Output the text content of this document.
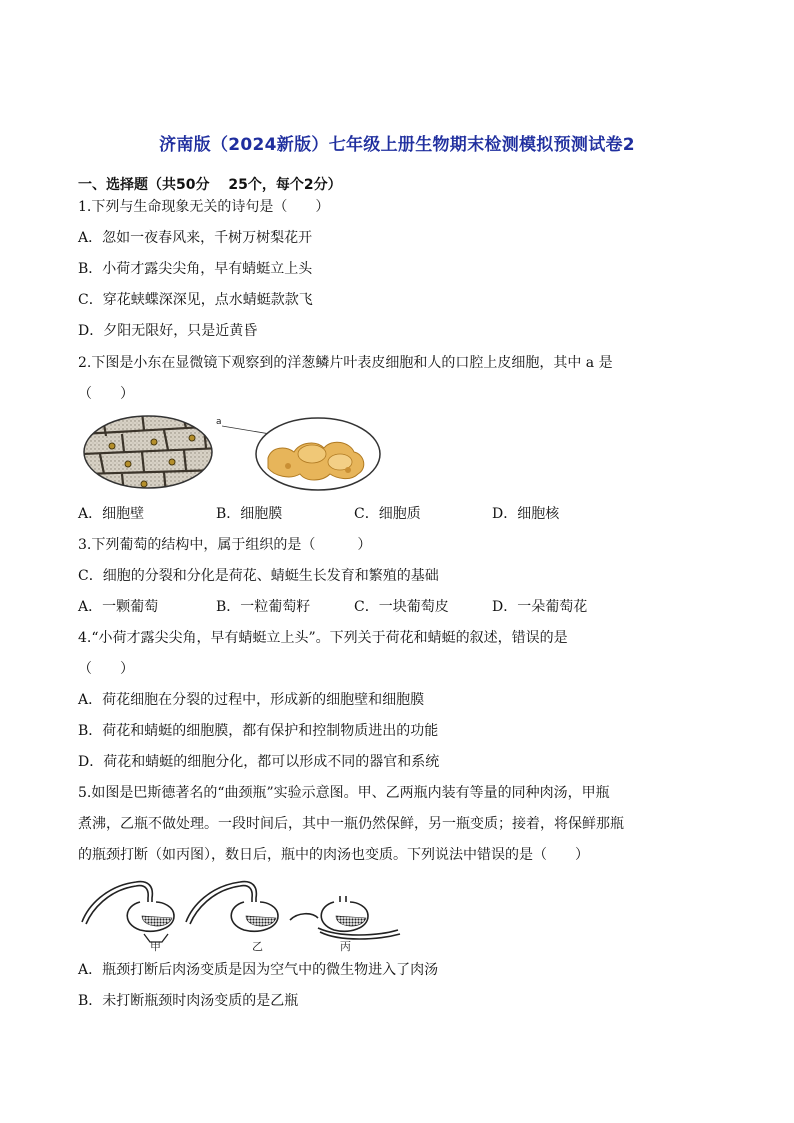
济南版（2024新版）七年级上册生物期末检测模拟预测试卷2
一、选择题（共50分　 25个，每个2分）
1.下列与生命现象无关的诗句是（　　）
A．忽如一夜春风来，千树万树梨花开
B．小荷才露尖尖角，早有蜻蜓立上头
C．穿花蛱蝶深深见，点水蜻蜓款款飞
D．夕阳无限好，只是近黄昏
2.下图是小东在显微镜下观察到的洋葱鳞片叶表皮细胞和人的口腔上皮细胞，其中 a 是
（　　）
a
A．细胞壁	B．细胞膜	C．细胞质	D．细胞核
3.下列葡萄的结构中，属于组织的是（　　　）
C．细胞的分裂和分化是荷花、蜻蜓生长发育和繁殖的基础
A．一颗葡萄	B．一粒葡萄籽	C．一块葡萄皮	D．一朵葡萄花
4.“小荷才露尖尖角，早有蜻蜓立上头”。下列关于荷花和蜻蜓的叙述，错误的是
（　　）
A．荷花细胞在分裂的过程中，形成新的细胞壁和细胞膜
B．荷花和蜻蜓的细胞膜，都有保护和控制物质进出的功能
D．荷花和蜻蜓的细胞分化，都可以形成不同的器官和系统
5.如图是巴斯德著名的“曲颈瓶”实验示意图。甲、乙两瓶内装有等量的同种肉汤，甲瓶
煮沸，乙瓶不做处理。一段时间后，其中一瓶仍然保鲜，另一瓶变质；接着，将保鲜那瓶
的瓶颈打断（如丙图），数日后，瓶中的肉汤也变质。下列说法中错误的是（　　）
甲	乙	丙
A．瓶颈打断后肉汤变质是因为空气中的微生物进入了肉汤
B．未打断瓶颈时肉汤变质的是乙瓶
